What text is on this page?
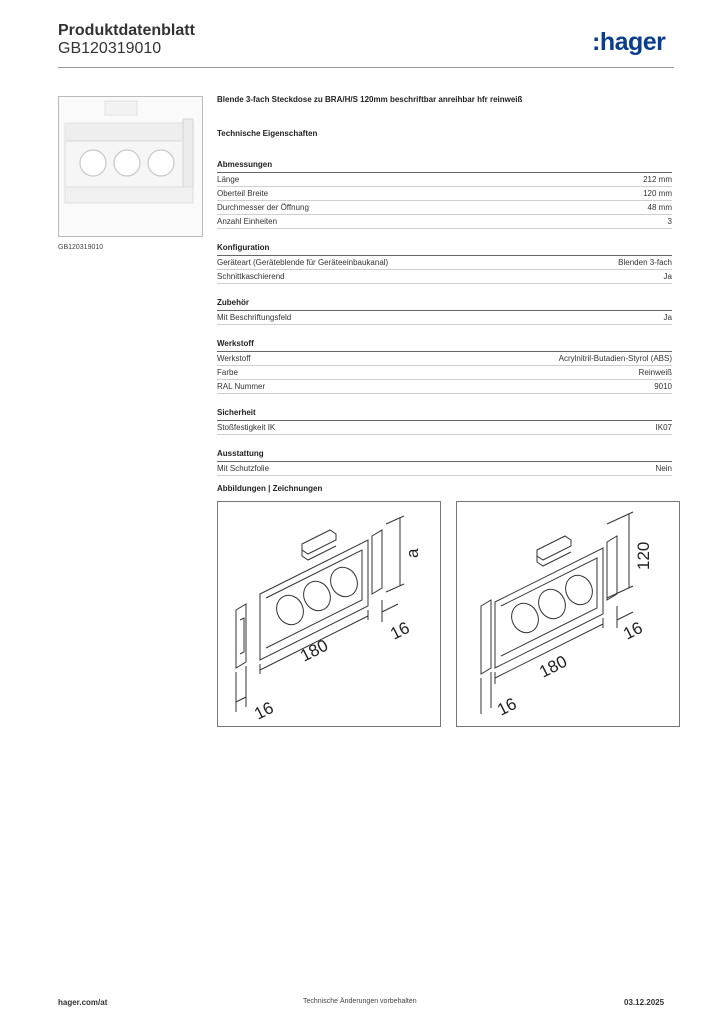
Produktdatenblatt
GB120319010	:hager
GB120319010
Blende 3-fach Steckdose zu BRA/H/S 120mm beschriftbar anreihbar hfr reinweiß
Technische Eigenschaften
Abmessungen
Länge	212 mm
Oberteil Breite	120 mm
Durchmesser der Öffnung	48 mm
Anzahl Einheiten	3
Konfiguration
Geräteart (Geräteblende für Geräteeinbaukanal)	Blenden 3-fach
Schnittkaschierend	Ja
Zubehör
Mit Beschriftungsfeld	Ja
Werkstoff
Werkstoff	Acrylnitril-Butadien-Styrol (ABS)
Farbe	Reinweiß
RAL Nummer	9010
Sicherheit
Stoßfestigkeit IK	IK07
Ausstattung
Mit Schutzfolie	Nein
Abbildungen | Zeichnungen
16
180
16
a
16
180
16
120
hager.com/at	Technische Änderungen vorbehalten	03.12.2025
